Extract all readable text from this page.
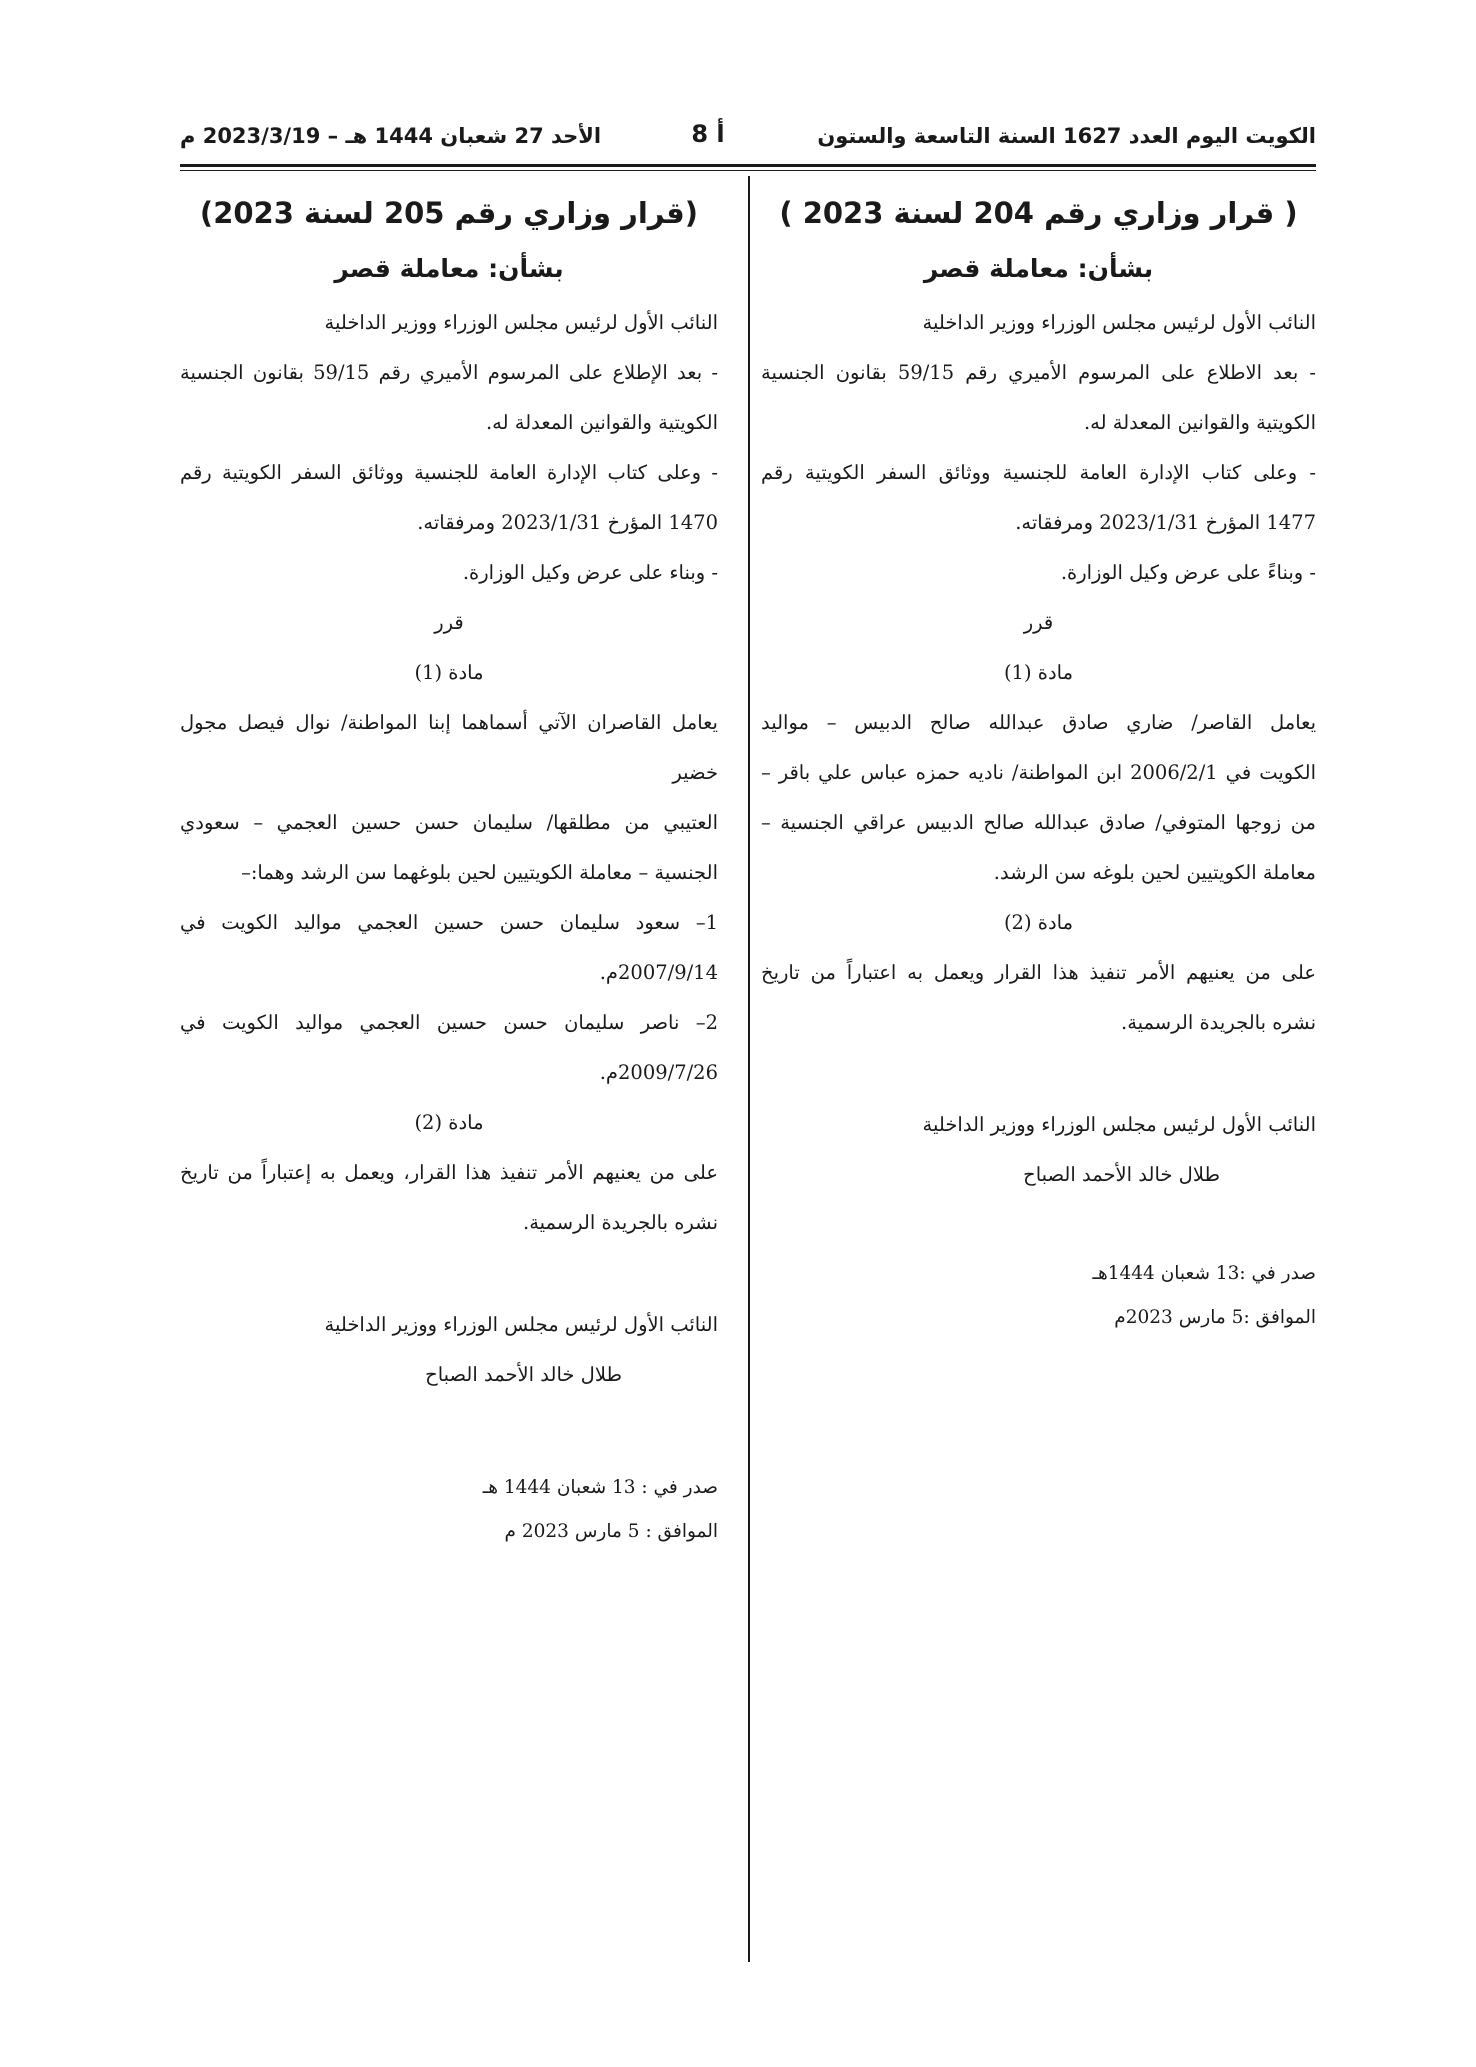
الكويت اليوم العدد 1627 السنة التاسعة والستون
أ 8
الأحد 27 شعبان 1444 هـ – 2023/3/19 م
( قرار وزاري رقم 204 لسنة 2023 )
بشأن: معاملة قصر

النائب الأول لرئيس مجلس الوزراء ووزير الداخلية

- بعد الاطلاع على المرسوم الأميري رقم 59/15 بقانون الجنسية

الكويتية والقوانين المعدلة له.

- وعلى كتاب الإدارة العامة للجنسية ووثائق السفر الكويتية رقم

1477 المؤرخ 2023/1/31 ومرفقاته.

- وبناءً على عرض وكيل الوزارة.

قرر

مادة (1)

يعامل القاصر/ ضاري صادق عبدالله صالح الدبيس – مواليد

الكويت في 2006/2/1 ابن المواطنة/ ناديه حمزه عباس علي باقر –

من زوجها المتوفي/ صادق عبدالله صالح الدبيس عراقي الجنسية –

معاملة الكويتيين لحين بلوغه سن الرشد.

مادة (2)

على من يعنيهم الأمر تنفيذ هذا القرار ويعمل به اعتباراً من تاريخ

نشره بالجريدة الرسمية.

النائب الأول لرئيس مجلس الوزراء ووزير الداخلية

طلال خالد الأحمد الصباح

صدر في :13 شعبان 1444هـ
الموافق :5 مارس 2023م
(قرار وزاري رقم 205 لسنة 2023)
بشأن: معاملة قصر

النائب الأول لرئيس مجلس الوزراء ووزير الداخلية

- بعد الإطلاع على المرسوم الأميري رقم 59/15 بقانون الجنسية

الكويتية والقوانين المعدلة له.

- وعلى كتاب الإدارة العامة للجنسية ووثائق السفر الكويتية رقم

1470 المؤرخ 2023/1/31 ومرفقاته.

- وبناء على عرض وكيل الوزارة.

قرر

مادة (1)

يعامل القاصران الآتي أسماهما إبنا المواطنة/ نوال فيصل مجول خضير

العتيبي من مطلقها/ سليمان حسن حسين العجمي – سعودي

الجنسية – معاملة الكويتيين لحين بلوغهما سن الرشد وهما:–

1– سعود سليمان حسن حسين العجمي مواليد الكويت في

2007/9/14م.

2– ناصر سليمان حسن حسين العجمي مواليد الكويت في

2009/7/26م.

مادة (2)

على من يعنيهم الأمر تنفيذ هذا القرار، ويعمل به إعتباراً من تاريخ

نشره بالجريدة الرسمية.

النائب الأول لرئيس مجلس الوزراء ووزير الداخلية

طلال خالد الأحمد الصباح

صدر في : 13 شعبان 1444 هـ
الموافق : 5 مارس 2023 م
